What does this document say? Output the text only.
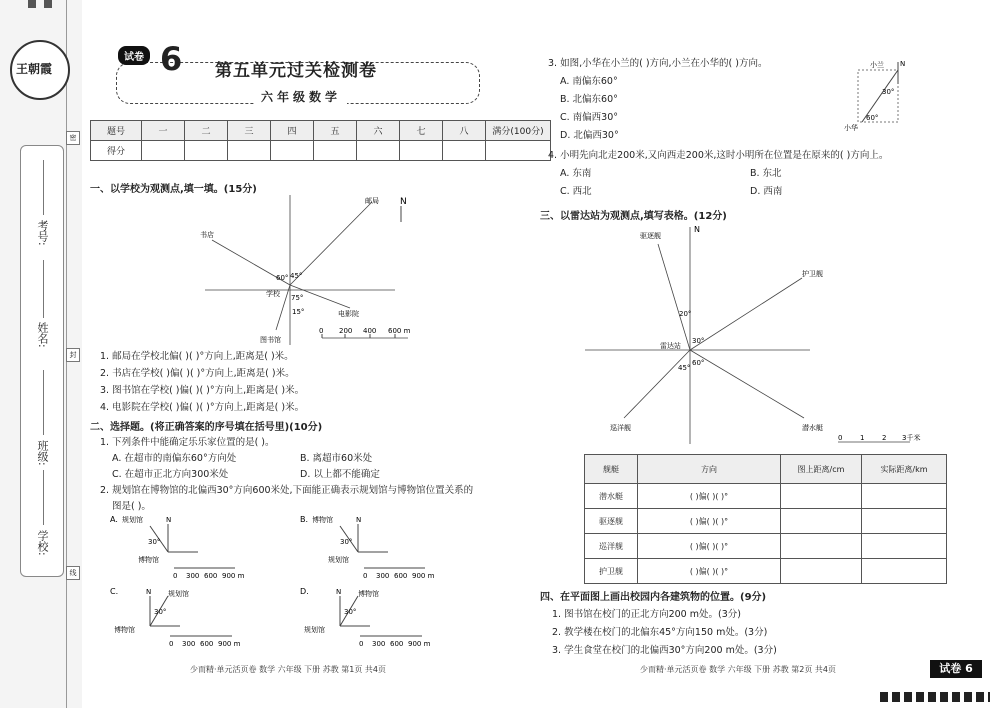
王朝霞
考号:
姓名:
班级:
学校:
密
封
线
试卷 6 第五单元过关检测卷
六年级数学
题号	一	二	三	四	五	六	七	八	满分(100分)
得分									
一、以学校为观测点,填一填。(15分)
N
邮局
书店
学校
电影院
图书馆
60° 45°
75°
15°
0 200 400 600 m
1. 邮局在学校北偏( )( )°方向上,距离是( )米。
2. 书店在学校( )偏( )( )°方向上,距离是( )米。
3. 图书馆在学校( )偏( )( )°方向上,距离是( )米。
4. 电影院在学校( )偏( )( )°方向上,距离是( )米。
二、选择题。(将正确答案的序号填在括号里)(10分)
1. 下列条件中能确定乐乐家位置的是( )。
A. 在超市的南偏东60°方向处	B. 离超市60米处
C. 在超市正北方向300米处	D. 以上都不能确定
2. 规划馆在博物馆的北偏西30°方向600米处,下面能正确表示规划馆与博物馆位置关系的
图是( )。
A. 规划馆	N
30°
博物馆
0 300 600 900 m
B. 博物馆	N
30°
规划馆
0 300 600 900 m
C.	N 规划馆
30°
博物馆
0 300 600 900 m
D.	N 博物馆
30°
规划馆
0 300 600 900 m
少而精·单元活页卷 数学 六年级 下册 苏教 第1页 共4页
3. 如图,小华在小兰的( )方向,小兰在小华的( )方向。
A. 南偏东60°
B. 北偏东60°
C. 南偏西30°
D. 北偏西30°
N
小兰
小华
30°
60°
4. 小明先向北走200米,又向西走200米,这时小明所在位置是在原来的( )方向上。
A. 东南	B. 东北
C. 西北	D. 西南
三、以雷达站为观测点,填写表格。(12分)
N
驱逐舰
护卫舰
巡洋舰	潜水艇
雷达站
20°
30°
45°
60°
0	1	2 3千米
舰艇	方向	图上距离/cm	实际距离/km
潜水艇	( )偏( )( )°		
驱逐舰	( )偏( )( )°		
巡洋舰	( )偏( )( )°		
护卫舰	( )偏( )( )°		
四、在平面图上画出校园内各建筑物的位置。(9分)
1. 图书馆在校门的正北方向200 m处。(3分)
2. 教学楼在校门的北偏东45°方向150 m处。(3分)
3. 学生食堂在校门的北偏西30°方向200 m处。(3分)
少而精·单元活页卷 数学 六年级 下册 苏教 第2页 共4页	试卷 6
